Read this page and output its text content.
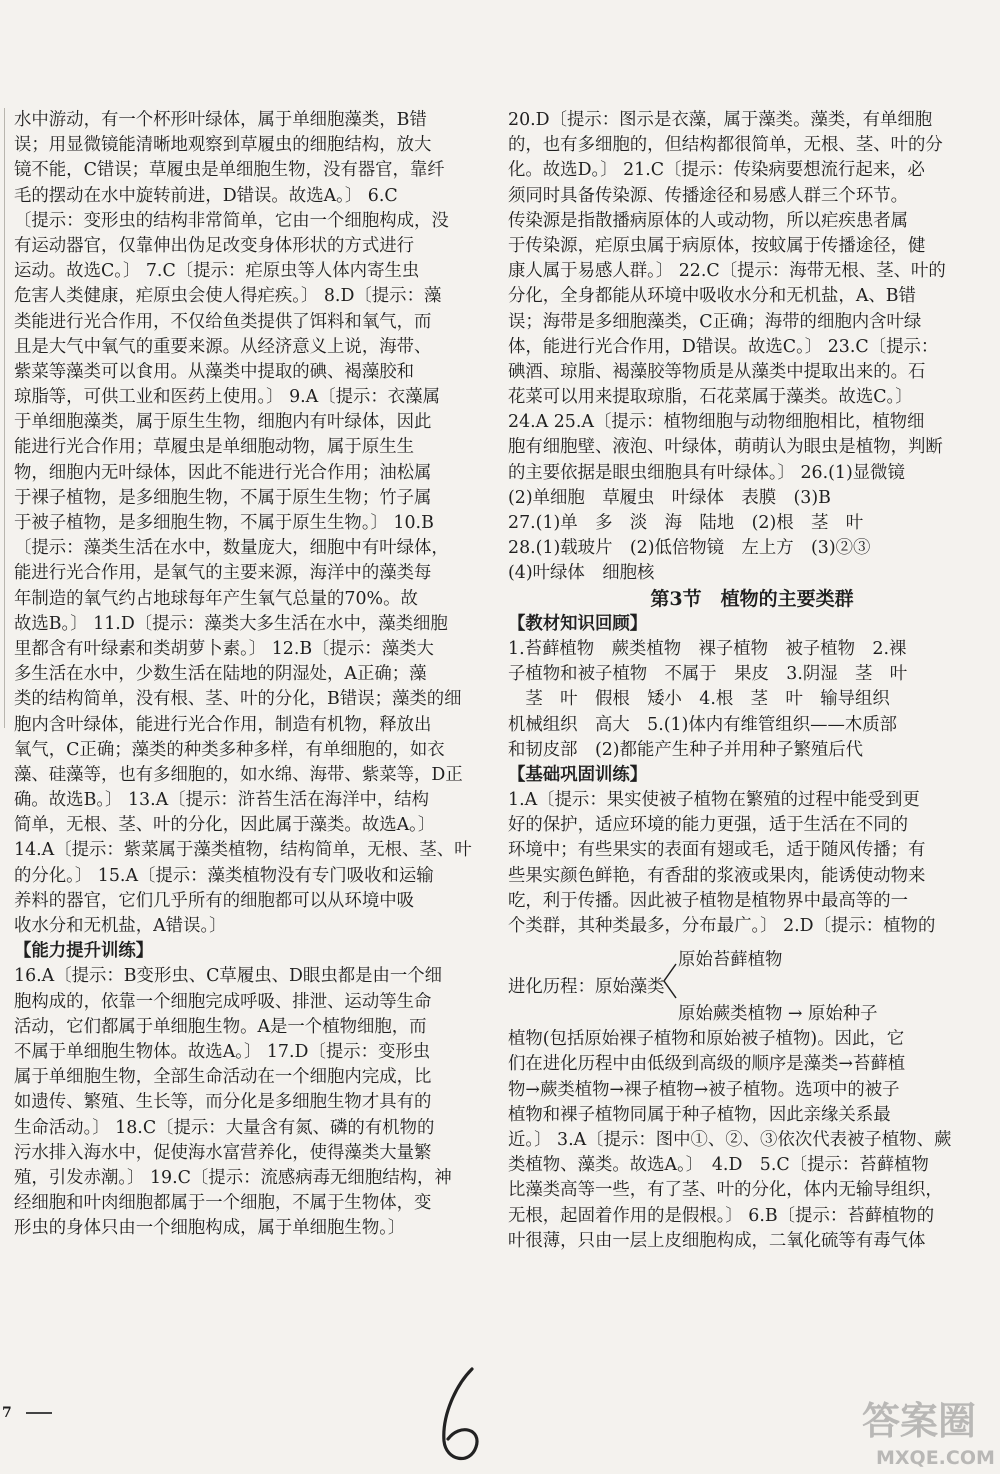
水中游动，有一个杯形叶绿体，属于单细胞藻类，B错
误；用显微镜能清晰地观察到草履虫的细胞结构，放大
镜不能，C错误；草履虫是单细胞生物，没有器官，靠纤
毛的摆动在水中旋转前进，D错误。故选A。〕 6.C
〔提示：变形虫的结构非常简单，它由一个细胞构成，没
有运动器官，仅靠伸出伪足改变身体形状的方式进行
运动。故选C。〕 7.C〔提示：疟原虫等人体内寄生虫
危害人类健康，疟原虫会使人得疟疾。〕 8.D〔提示：藻
类能进行光合作用，不仅给鱼类提供了饵料和氧气，而
且是大气中氧气的重要来源。从经济意义上说，海带、
紫菜等藻类可以食用。从藻类中提取的碘、褐藻胶和
琼脂等，可供工业和医药上使用。〕 9.A〔提示：衣藻属
于单细胞藻类，属于原生生物，细胞内有叶绿体，因此
能进行光合作用；草履虫是单细胞动物，属于原生生
物，细胞内无叶绿体，因此不能进行光合作用；油松属
于裸子植物，是多细胞生物，不属于原生生物；竹子属
于被子植物，是多细胞生物，不属于原生生物。〕 10.B
〔提示：藻类生活在水中，数量庞大，细胞中有叶绿体，
能进行光合作用，是氧气的主要来源，海洋中的藻类每
年制造的氧气约占地球每年产生氧气总量的70%。故
故选B。〕 11.D〔提示：藻类大多生活在水中，藻类细胞
里都含有叶绿素和类胡萝卜素。〕 12.B〔提示：藻类大
多生活在水中，少数生活在陆地的阴湿处，A正确；藻
类的结构简单，没有根、茎、叶的分化，B错误；藻类的细
胞内含叶绿体，能进行光合作用，制造有机物，释放出
氧气，C正确；藻类的种类多种多样，有单细胞的，如衣
藻、硅藻等，也有多细胞的，如水绵、海带、紫菜等，D正
确。故选B。〕 13.A〔提示：浒苔生活在海洋中，结构
简单，无根、茎、叶的分化，因此属于藻类。故选A。〕
14.A〔提示：紫菜属于藻类植物，结构简单，无根、茎、叶
的分化。〕 15.A〔提示：藻类植物没有专门吸收和运输
养料的器官，它们几乎所有的细胞都可以从环境中吸
收水分和无机盐，A错误。〕
【能力提升训练】
16.A〔提示：B变形虫、C草履虫、D眼虫都是由一个细
胞构成的，依靠一个细胞完成呼吸、排泄、运动等生命
活动，它们都属于单细胞生物。A是一个植物细胞，而
不属于单细胞生物体。故选A。〕 17.D〔提示：变形虫
属于单细胞生物，全部生命活动在一个细胞内完成，比
如遗传、繁殖、生长等，而分化是多细胞生物才具有的
生命活动。〕 18.C〔提示：大量含有氮、磷的有机物的
污水排入海水中，促使海水富营养化，使得藻类大量繁
殖，引发赤潮。〕 19.C〔提示：流感病毒无细胞结构，神
经细胞和叶肉细胞都属于一个细胞，不属于生物体，变
形虫的身体只由一个细胞构成，属于单细胞生物。〕
20.D〔提示：图示是衣藻，属于藻类。藻类，有单细胞
的，也有多细胞的，但结构都很简单，无根、茎、叶的分
化。故选D。〕 21.C〔提示：传染病要想流行起来，必
须同时具备传染源、传播途径和易感人群三个环节。
传染源是指散播病原体的人或动物，所以疟疾患者属
于传染源，疟原虫属于病原体，按蚊属于传播途径，健
康人属于易感人群。〕 22.C〔提示：海带无根、茎、叶的
分化，全身都能从环境中吸收水分和无机盐，A、B错
误；海带是多细胞藻类，C正确；海带的细胞内含叶绿
体，能进行光合作用，D错误。故选C。〕 23.C〔提示：
碘酒、琼脂、褐藻胶等物质是从藻类中提取出来的。石
花菜可以用来提取琼脂，石花菜属于藻类。故选C。〕
24.A 25.A〔提示：植物细胞与动物细胞相比，植物细
胞有细胞壁、液泡、叶绿体，萌萌认为眼虫是植物，判断
的主要依据是眼虫细胞具有叶绿体。〕 26.(1)显微镜
(2)单细胞　草履虫　叶绿体　表膜　(3)B
27.(1)单　多　淡　海　陆地　(2)根　茎　叶
28.(1)载玻片　(2)低倍物镜　左上方　(3)②③
(4)叶绿体　细胞核
第3节　植物的主要类群
【教材知识回顾】
1.苔藓植物　蕨类植物　裸子植物　被子植物　2.裸
子植物和被子植物　不属于　果皮　3.阴湿　茎　叶
　茎　叶　假根　矮小　4.根　茎　叶　输导组织
机械组织　高大　5.(1)体内有维管组织——木质部
和韧皮部　(2)都能产生种子并用种子繁殖后代
【基础巩固训练】
1.A〔提示：果实使被子植物在繁殖的过程中能受到更
好的保护，适应环境的能力更强，适于生活在不同的
环境中；有些果实的表面有翅或毛，适于随风传播；有
些果实颜色鲜艳，有香甜的浆液或果肉，能诱使动物来
吃，利于传播。因此被子植物是植物界中最高等的一
个类群，其种类最多，分布最广。〕 2.D〔提示：植物的
原始苔藓植物
进化历程：原始藻类
原始蕨类植物 → 原始种子
植物(包括原始裸子植物和原始被子植物)。因此，它
们在进化历程中由低级到高级的顺序是藻类→苔藓植
物→蕨类植物→裸子植物→被子植物。选项中的被子
植物和裸子植物同属于种子植物，因此亲缘关系最
近。〕 3.A〔提示：图中①、②、③依次代表被子植物、蕨
类植物、藻类。故选A。〕　4.D　5.C〔提示：苔藓植物
比藻类高等一些，有了茎、叶的分化，体内无输导组织，
无根，起固着作用的是假根。〕 6.B〔提示：苔藓植物的
叶很薄，只由一层上皮细胞构成，二氧化硫等有毒气体
7	答案圈
MXQE.COM
